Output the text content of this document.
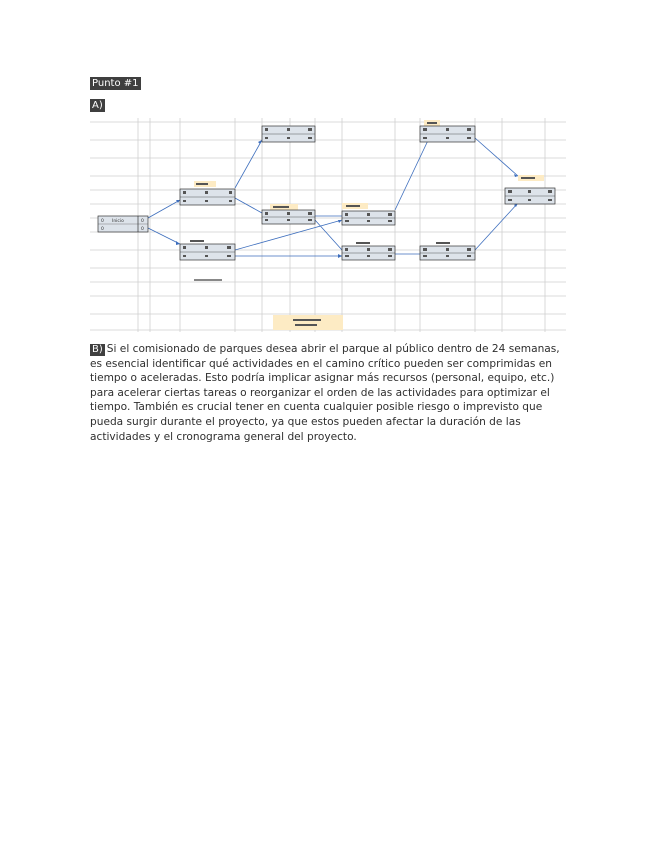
Punto #1
A)
0 Inicio	0
0	0
B) Si el comisionado de parques desea abrir el parque al público dentro de 24 semanas, es esencial identificar qué actividades en el camino crítico pueden ser comprimidas en tiempo o aceleradas. Esto podría implicar asignar más recursos (personal, equipo, etc.) para acelerar ciertas tareas o reorganizar el orden de las actividades para optimizar el tiempo. También es crucial tener en cuenta cualquier posible riesgo o imprevisto que pueda surgir durante el proyecto, ya que estos pueden afectar la duración de las actividades y el cronograma general del proyecto.
